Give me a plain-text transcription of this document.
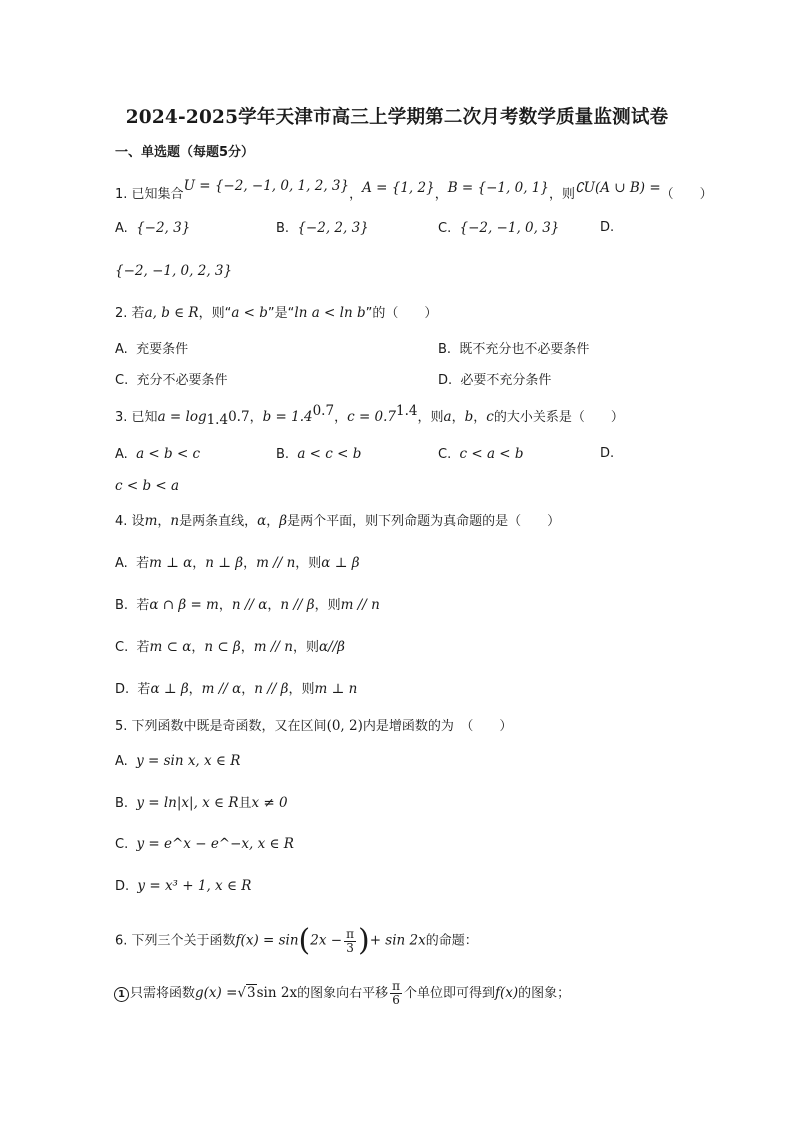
2024-2025学年天津市高三上学期第二次月考数学质量监测试卷
一、单选题（每题5分）
1. 已知集合U = {−2, −1, 0, 1, 2, 3}，A = {1, 2}，B = {−1, 0, 1}，则∁U(A ∪ B) =（　　）
A. {−2, 3}	B. {−2, 2, 3}	C. {−2, −1, 0, 3}	D.
{−2, −1, 0, 2, 3}
2. 若a, b ∈ R，则“a < b”是“ln a < ln b”的（　　）
A. 充要条件	B. 既不充分也不必要条件
C. 充分不必要条件	D. 必要不充分条件
3. 已知$a = \log_{1.4}0.7$，$b = 1.4^{0.7}$，$c = 0.7^{1.4}$，则a，b，c的大小关系是（　　）
A. a < b < c	B. a < c < b	C. c < a < b	D.
c < b < a
4. 设m，n是两条直线，α，β是两个平面，则下列命题为真命题的是（　　）
A. 若m ⊥ α，n ⊥ β，m // n，则α ⊥ β
B. 若α ∩ β = m，n // α，n // β，则m // n
C. 若m ⊂ α，n ⊂ β，m // n，则α//β
D. 若α ⊥ β，m // α，n // β，则m ⊥ n
5. 下列函数中既是奇函数，又在区间(0, 2)内是增函数的为　（　　）
A. y = sin x, x ∈ R
B. y = ln|x|, x ∈ R且x ≠ 0
C. y = e^x − e^−x, x ∈ R
D. y = x³ + 1, x ∈ R
6. 下列三个关于函数$f(x) = \sin(2x - \frac{\pi}{3}$ )+ sin 2x的命题：
1 只需将函数g(x) =√3sin 2x的图象向右平移 $\frac{\pi}{6}$ 个单位即可得到f(x)的图象；
